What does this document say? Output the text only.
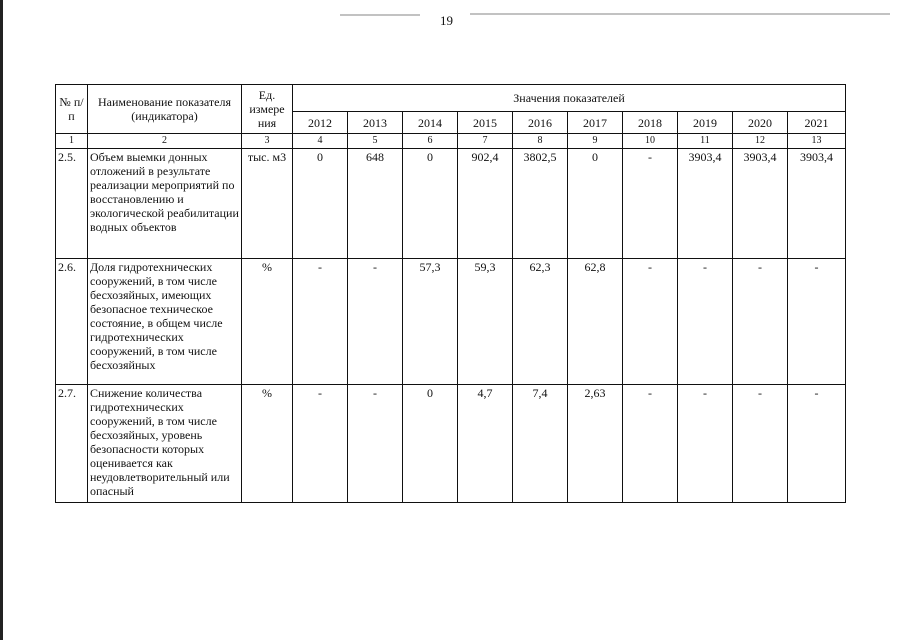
19
№ п/п	Наименование показателя (индикатора)	Ед. измере ния	Значения показателей									
			2012	2013	2014	2015	2016	2017	2018	2019	2020	2021
1	2	3	4	5	6	7	8	9	10	11	12	13
2.5.	Объем выемки донных отложений в результате реализации мероприятий по восстановлению и экологической реабилитации водных объектов	тыс. м3	0	648	0	902,4	3802,5	0	-	3903,4	3903,4	3903,4
2.6.	Доля гидротехнических сооружений, в том числе бесхозяйных, имеющих безопасное техническое состояние, в общем числе гидротехнических сооружений, в том числе бесхозяйных	%	-	-	57,3	59,3	62,3	62,8	-	-	-	-
2.7.	Снижение количества гидротехнических сооружений, в том числе бесхозяйных, уровень безопасности которых оценивается как неудовлетворительный или опасный	%	-	-	0	4,7	7,4	2,63	-	-	-	-
